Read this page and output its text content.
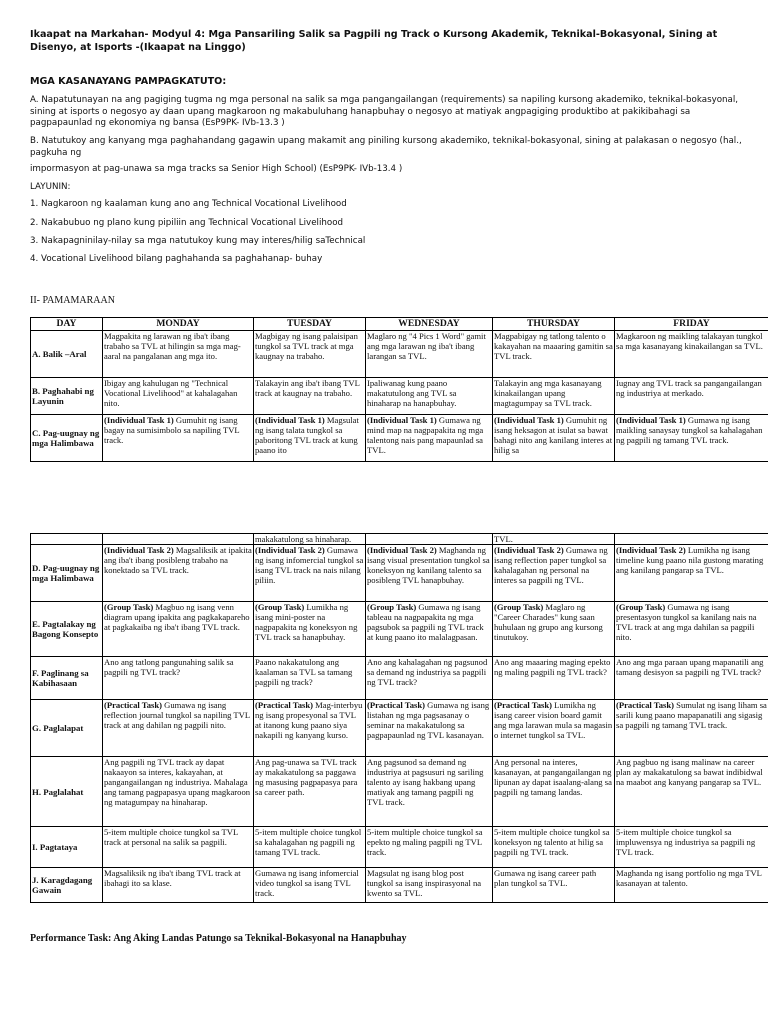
Ikaapat na Markahan- Modyul 4: Mga Pansariling Salik sa Pagpili ng Track o Kursong Akademik, Teknikal-Bokasyonal, Sining at Disenyo, at Isports -(Ikaapat na Linggo)
MGA KASANAYANG PAMPAGKATUTO:
A. Napatutunayan na ang pagiging tugma ng mga personal na salik sa mga pangangailangan (requirements) sa napiling kursong akademiko, teknikal-bokasyonal, sining at isports o negosyo ay daan upang magkaroon ng makabuluhang hanapbuhay o negosyo at matiyak angpagiging produktibo at pakikibahagi sa pagpapaunlad ng ekonomiya ng bansa (EsP9PK- IVb-13.3 )
B. Natutukoy ang kanyang mga paghahandang gagawin upang makamit ang piniling kursong akademiko, teknikal-bokasyonal, sining at palakasan o negosyo (hal., pagkuha ng
impormasyon at pag-unawa sa mga tracks sa Senior High School) (EsP9PK- IVb-13.4 )
LAYUNIN:
1. Nagkaroon ng kaalaman kung ano ang Technical Vocational Livelihood
2. Nakabubuo ng plano kung pipiliin ang Technical Vocational Livelihood
3. Nakapagninilay-nilay sa mga natutukoy kung may interes/hilig saTechnical
4. Vocational Livelihood bilang paghahanda sa paghahanap- buhay
II- PAMAMARAAN
DAY	MONDAY	TUESDAY	WEDNESDAY	THURSDAY	FRIDAY
A. Balik –Aral	Magpakita ng larawan ng iba't ibang trabaho sa TVL at hilingin sa mga mag-aaral na pangalanan ang mga ito.	Magbigay ng isang palaisipan tungkol sa TVL track at mga kaugnay na trabaho.	Maglaro ng "4 Pics 1 Word" gamit ang mga larawan ng iba't ibang larangan sa TVL.	Magpabigay ng tatlong talento o kakayahan na maaaring gamitin sa TVL track.	Magkaroon ng maikling talakayan tungkol sa mga kasanayang kinakailangan sa TVL.

B. Paghahabi ng Layunin	Ibigay ang kahulugan ng "Technical Vocational Livelihood" at kahalagahan nito.	Talakayin ang iba't ibang TVL track at kaugnay na trabaho.	Ipaliwanag kung paano makatutulong ang TVL sa hinaharap na hanapbuhay.	Talakayin ang mga kasanayang kinakailangan upang magtagumpay sa TVL track.	Iugnay ang TVL track sa pangangailangan ng industriya at merkado.

C. Pag-uugnay ng mga Halimbawa	(Individual Task 1) Gumuhit ng isang bagay na sumisimbolo sa napiling TVL track.	(Individual Task 1) Magsulat ng isang talata tungkol sa paboritong TVL track at kung paano ito	(Individual Task 1) Gumawa ng mind map na nagpapakita ng mga talentong nais pang mapaunlad sa TVL.	(Individual Task 1) Gumuhit ng isang heksagon at isulat sa bawat bahagi nito ang kanilang interes at hilig sa	(Individual Task 1) Gumawa ng isang maikling sanaysay tungkol sa kahalagahan ng pagpili ng tamang TVL track.

		makakatulong sa hinaharap.		TVL.	

D. Pag-uugnay ng mga Halimbawa	(Individual Task 2) Magsaliksik at ipakita ang iba't ibang posibleng trabaho na konektado sa TVL track.	(Individual Task 2) Gumawa ng isang infomercial tungkol sa isang TVL track na nais nilang piliin.	(Individual Task 2) Maghanda ng isang visual presentation tungkol sa koneksyon ng kanilang talento sa posibleng TVL hanapbuhay.	(Individual Task 2) Gumawa ng isang reflection paper tungkol sa kahalagahan ng personal na interes sa pagpili ng TVL.	(Individual Task 2) Lumikha ng isang timeline kung paano nila gustong marating ang kanilang pangarap sa TVL.

E. Pagtalakay ng Bagong Konsepto	(Group Task) Magbuo ng isang venn diagram upang ipakita ang pagkakapareho at pagkakaiba ng iba't ibang TVL track.	(Group Task) Lumikha ng isang mini-poster na nagpapakita ng koneksyon ng TVL track sa hanapbuhay.	(Group Task) Gumawa ng isang tableau na nagpapakita ng mga pagsubok sa pagpili ng TVL track at kung paano ito malalagpasan.	(Group Task) Maglaro ng "Career Charades" kung saan huhulaan ng grupo ang kursong tinutukoy.	(Group Task) Gumawa ng isang presentasyon tungkol sa kanilang nais na TVL track at ang mga dahilan sa pagpili nito.

F. Paglinang sa Kabihasaan	Ano ang tatlong pangunahing salik sa pagpili ng TVL track?	Paano nakakatulong ang kaalaman sa TVL sa tamang pagpili ng track?	Ano ang kahalagahan ng pagsunod sa demand ng industriya sa pagpili ng TVL track?	Ano ang maaaring maging epekto ng maling pagpili ng TVL track?	Ano ang mga paraan upang mapanatili ang tamang desisyon sa pagpili ng TVL track?

G. Paglalapat	(Practical Task) Gumawa ng isang reflection journal tungkol sa napiling TVL track at ang dahilan ng pagpili nito.	(Practical Task) Mag-interbyu ng isang propesyonal sa TVL at itanong kung paano siya nakapili ng kanyang kurso.	(Practical Task) Gumawa ng isang listahan ng mga pagsasanay o seminar na makakatulong sa pagpapaunlad ng TVL kasanayan.	(Practical Task) Lumikha ng isang career vision board gamit ang mga larawan mula sa magasin o internet tungkol sa TVL.	(Practical Task) Sumulat ng isang liham sa sarili kung paano mapapanatili ang sigasig sa pagpili ng tamang TVL track.

H. Paglalahat	Ang pagpili ng TVL track ay dapat nakaayon sa interes, kakayahan, at pangangailangan ng industriya. Mahalaga ang tamang pagpapasya upang magkaroon ng matagumpay na hinaharap.	Ang pag-unawa sa TVL track ay makakatulong sa paggawa ng masusing pagpapasya para sa career path.	Ang pagsunod sa demand ng industriya at pagsusuri ng sariling talento ay isang hakbang upang matiyak ang tamang pagpili ng TVL track.	Ang personal na interes, kasanayan, at pangangailangan ng lipunan ay dapat isaalang-alang sa pagpili ng tamang landas.	Ang pagbuo ng isang malinaw na career plan ay makakatulong sa bawat indibidwal na maabot ang kanyang pangarap sa TVL.

I. Pagtataya	5-item multiple choice tungkol sa TVL track at personal na salik sa pagpili.	5-item multiple choice tungkol sa kahalagahan ng pagpili ng tamang TVL track.	5-item multiple choice tungkol sa epekto ng maling pagpili ng TVL track.	5-item multiple choice tungkol sa koneksyon ng talento at hilig sa pagpili ng TVL track.	5-item multiple choice tungkol sa impluwensya ng industriya sa pagpili ng TVL track.

J. Karagdagang Gawain	Magsaliksik ng iba't ibang TVL track at ibahagi ito sa klase.	Gumawa ng isang infomercial video tungkol sa isang TVL track.	Magsulat ng isang blog post tungkol sa isang inspirasyonal na kwento sa TVL.	Gumawa ng isang career path plan tungkol sa TVL.	Maghanda ng isang portfolio ng mga TVL kasanayan at talento.
Performance Task: Ang Aking Landas Patungo sa Teknikal-Bokasyonal na Hanapbuhay
